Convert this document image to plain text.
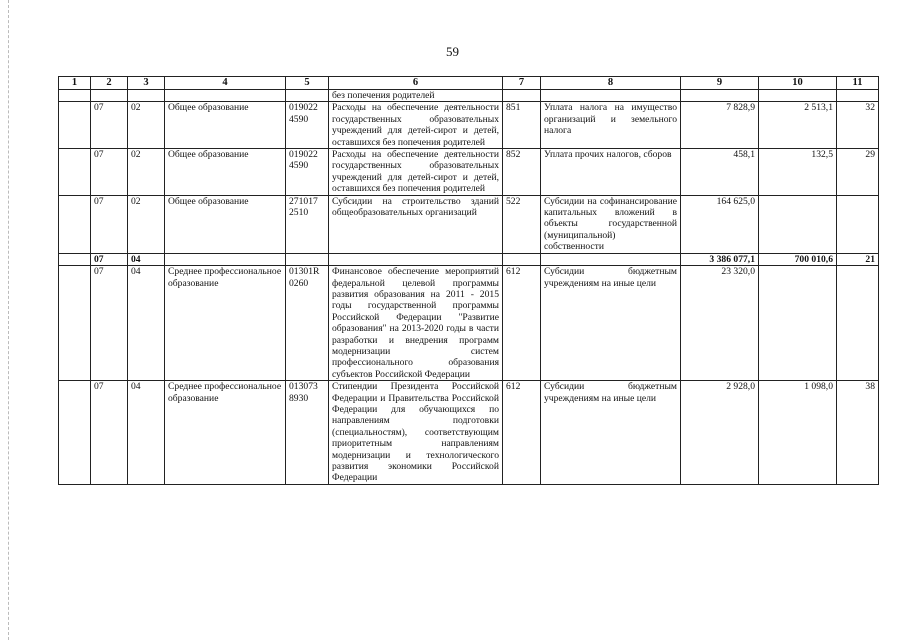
59
1	2	3	4	5	6	7	8	9	10	11
					без попечения родителей					
	07	02	Общее образование	019022 4590	Расходы на обеспечение деятельности государственных образовательных учреждений для детей-сирот и детей, оставшихся без попечения родителей	851	Уплата налога на имущество организаций и земельного налога	7 828,9	2 513,1	32
	07	02	Общее образование	019022 4590	Расходы на обеспечение деятельности государственных образовательных учреждений для детей-сирот и детей, оставшихся без попечения родителей	852	Уплата прочих налогов, сборов	458,1	132,5	29
	07	02	Общее образование	271017 2510	Субсидии на строительство зданий общеобразовательных организаций	522	Субсидии на софинансирование капитальных вложений в объекты государственной (муниципальной) собственности	164 625,0		
	07	04						3 386 077,1	700 010,6	21
	07	04	Среднее профессиональное образование	01301R 0260	Финансовое обеспечение мероприятий федеральной целевой программы развития образования на 2011 - 2015 годы государственной программы Российской Федерации "Развитие образования" на 2013-2020 годы в части разработки и внедрения программ модернизации систем профессионального образования субъектов Российской Федерации	612	Субсидии бюджетным учреждениям на иные цели	23 320,0		
	07	04	Среднее профессиональное образование	013073 8930	Стипендии Президента Российской Федерации и Правительства Российской Федерации для обучающихся по направлениям подготовки (специальностям), соответствующим приоритетным направлениям модернизации и технологического развития экономики Российской Федерации	612	Субсидии бюджетным учреждениям на иные цели	2 928,0	1 098,0	38
